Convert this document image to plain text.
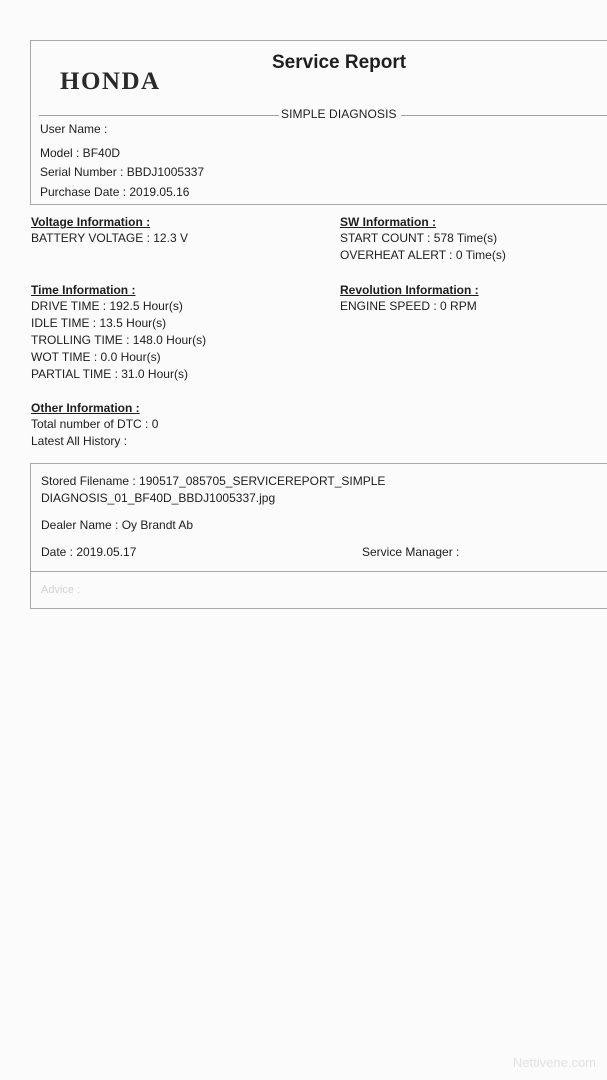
HONDA
Service Report
SIMPLE DIAGNOSIS
User Name :
Model : BF40D
Serial Number : BBDJ1005337
Purchase Date : 2019.05.16
Voltage Information :
BATTERY VOLTAGE : 12.3 V
SW Information :
START COUNT : 578 Time(s)
OVERHEAT ALERT : 0 Time(s)
Time Information :
DRIVE TIME : 192.5 Hour(s)
IDLE TIME : 13.5 Hour(s)
TROLLING TIME : 148.0 Hour(s)
WOT TIME : 0.0 Hour(s)
PARTIAL TIME : 31.0 Hour(s)
Revolution Information :
ENGINE SPEED : 0 RPM
Other Information :
Total number of DTC : 0
Latest All History :
Stored Filename : 190517_085705_SERVICEREPORT_SIMPLE
DIAGNOSIS_01_BF40D_BBDJ1005337.jpg
Dealer Name : Oy Brandt Ab
Date : 2019.05.17	Service Manager :
Advice :
Nettivene.com
